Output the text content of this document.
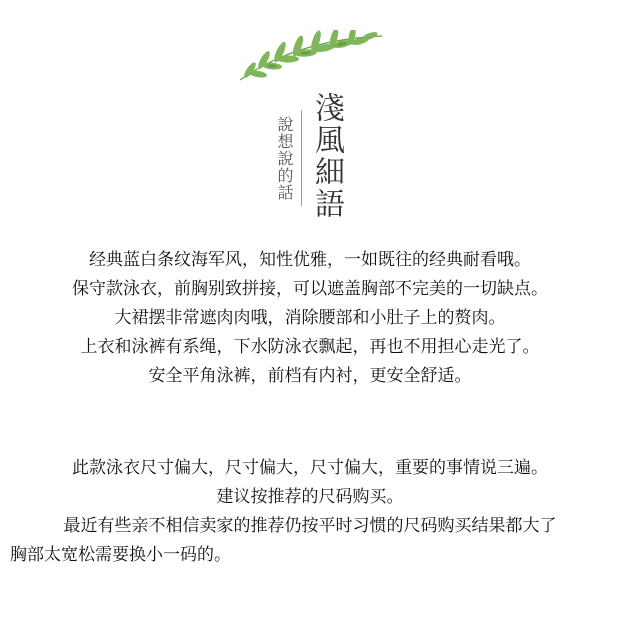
說想說的話 淺風細語
经典蓝白条纹海军风，知性优雅，一如既往的经典耐看哦。
保守款泳衣，前胸别致拼接，可以遮盖胸部不完美的一切缺点。
大裙摆非常遮肉肉哦，消除腰部和小肚子上的赘肉。
上衣和泳裤有系绳，下水防泳衣飘起，再也不用担心走光了。
安全平角泳裤，前档有内衬，更安全舒适。
此款泳衣尺寸偏大，尺寸偏大，尺寸偏大，重要的事情说三遍。
建议按推荐的尺码购买。
最近有些亲不相信卖家的推荐仍按平时习惯的尺码购买结果都大了
胸部太宽松需要换小一码的。
